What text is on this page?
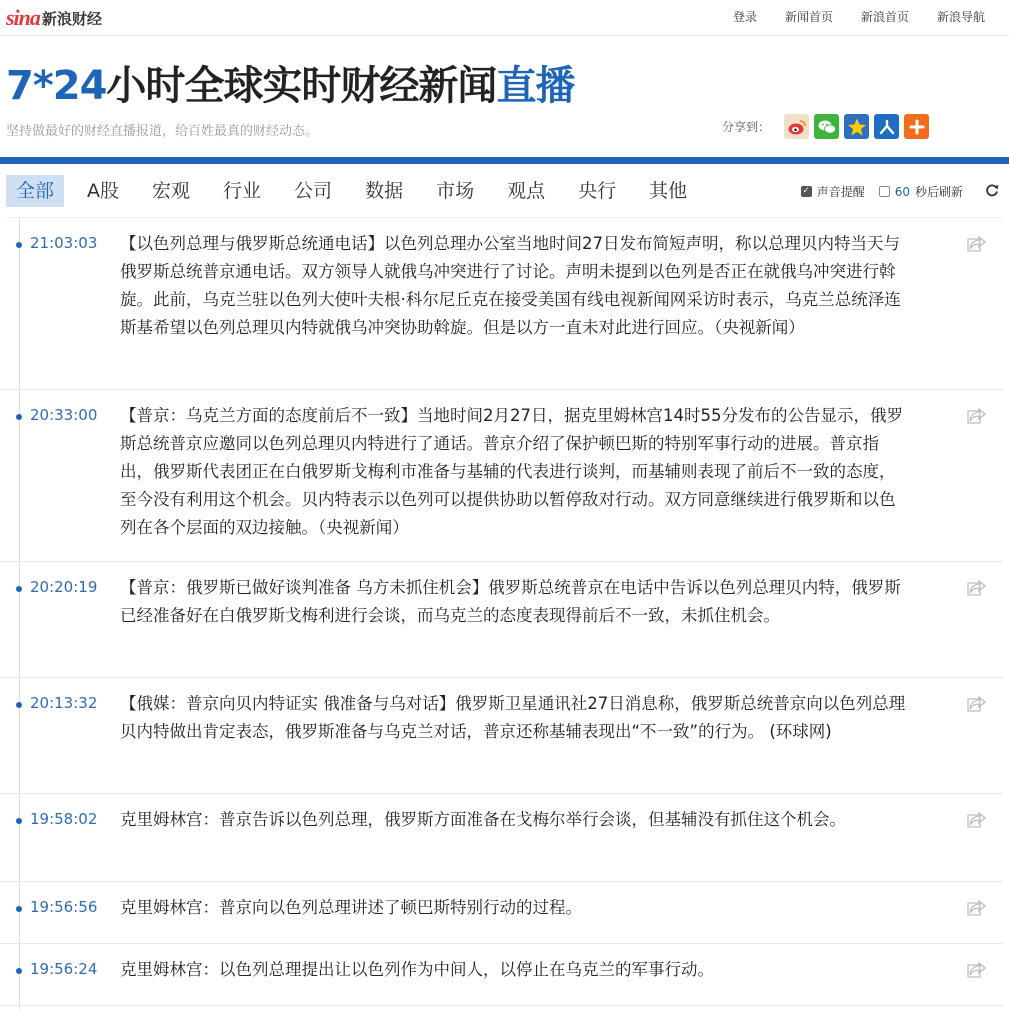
sina 新浪财经	登录 新闻首页 新浪首页 新浪导航
7*24小时全球实时财经新闻直播
坚持做最好的财经直播报道，给百姓最真的财经动态。	分享到：
全部	A股	宏观	行业	公司	数据	市场	观点	央行	其他	✓ 声音提醒	60 秒后刷新
21:03:03 【以色列总理与俄罗斯总统通电话】以色列总理办公室当地时间27日发布简短声明，称以总理贝内特当天与俄罗斯总统普京通电话。双方领导人就俄乌冲突进行了讨论。声明未提到以色列是否正在就俄乌冲突进行斡旋。此前，乌克兰驻以色列大使叶夫根·科尔尼丘克在接受美国有线电视新闻网采访时表示，乌克兰总统泽连斯基希望以色列总理贝内特就俄乌冲突协助斡旋。但是以方一直未对此进行回应。（央视新闻）
20:33:00 【普京：乌克兰方面的态度前后不一致】当地时间2月27日，据克里姆林宫14时55分发布的公告显示，俄罗斯总统普京应邀同以色列总理贝内特进行了通话。普京介绍了保护顿巴斯的特别军事行动的进展。普京指出，俄罗斯代表团正在白俄罗斯戈梅利市准备与基辅的代表进行谈判，而基辅则表现了前后不一致的态度，至今没有利用这个机会。贝内特表示以色列可以提供协助以暂停敌对行动。双方同意继续进行俄罗斯和以色列在各个层面的双边接触。（央视新闻）
20:20:19 【普京：俄罗斯已做好谈判准备 乌方未抓住机会】俄罗斯总统普京在电话中告诉以色列总理贝内特，俄罗斯已经准备好在白俄罗斯戈梅利进行会谈，而乌克兰的态度表现得前后不一致，未抓住机会。
20:13:32 【俄媒：普京向贝内特证实 俄准备与乌对话】俄罗斯卫星通讯社27日消息称，俄罗斯总统普京向以色列总理贝内特做出肯定表态，俄罗斯准备与乌克兰对话，普京还称基辅表现出“不一致”的行为。 (环球网)
19:58:02 克里姆林宫：普京告诉以色列总理，俄罗斯方面准备在戈梅尔举行会谈，但基辅没有抓住这个机会。
19:56:56 克里姆林宫：普京向以色列总理讲述了顿巴斯特别行动的过程。
19:56:24 克里姆林宫：以色列总理提出让以色列作为中间人，以停止在乌克兰的军事行动。
